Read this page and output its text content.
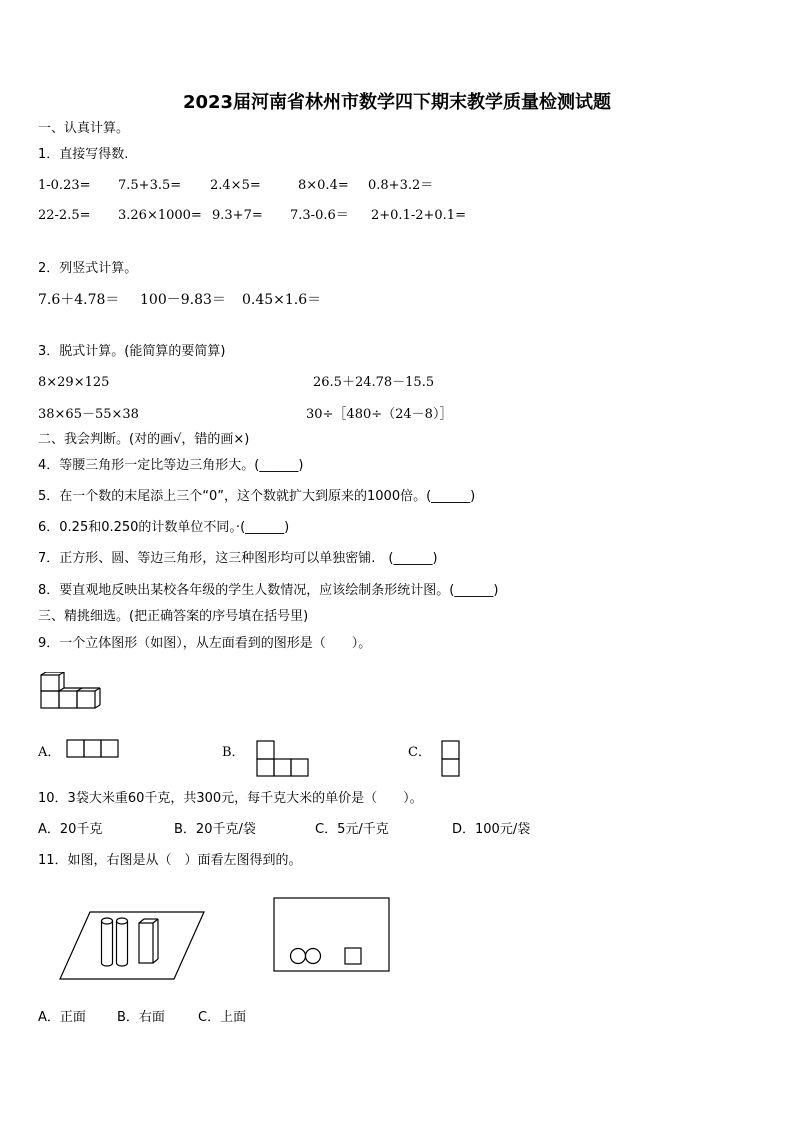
2023届河南省林州市数学四下期末教学质量检测试题
一、认真计算。
1．直接写得数.
1-0.23= 7.5+3.5= 2.4×5=	8×0.4= 0.8+3.2＝
22-2.5= 3.26×1000= 9.3+7= 7.3-0.6＝ 2+0.1-2+0.1=
2．列竖式计算。
7.6＋4.78＝ 100－9.83＝ 0.45×1.6＝
3．脱式计算。(能简算的要简算)
8×29×125	26.5＋24.78－15.5
38×65－55×38	30÷［480÷（24－8）］
二、我会判断。(对的画√，错的画×)
4．等腰三角形一定比等边三角形大。(______)
5．在一个数的末尾添上三个“0”，这个数就扩大到原来的1000倍。(______)
6．0.25和0.250的计数单位不同。·(______)
7．正方形、圆、等边三角形，这三种图形均可以单独密铺.　(______)
8．要直观地反映出某校各年级的学生人数情况，应该绘制条形统计图。(______)
三、精挑细选。(把正确答案的序号填在括号里)
9．一个立体图形（如图），从左面看到的图形是（　　）。
A．	B．	C．
10．3袋大米重60千克，共300元，每千克大米的单价是（　　）。
A．20千克	B．20千克/袋	C．5元/千克	D．100元/袋
11．如图，右图是从（　）面看左图得到的。
A．正面 B．右面	C．上面
